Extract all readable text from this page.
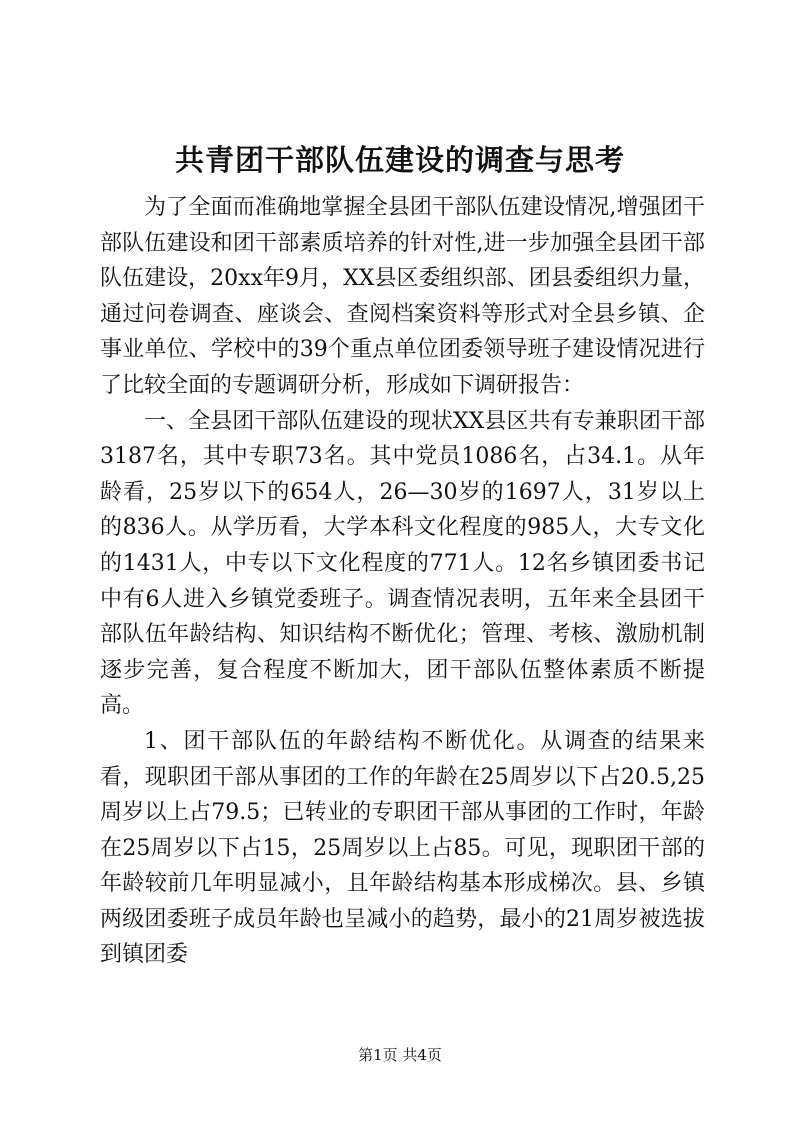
共青团干部队伍建设的调查与思考

为了全面而准确地掌握全县团干部队伍建设情况,增强团干部队伍建设和团干部素质培养的针对性,进一步加强全县团干部队伍建设，20xx年9月，XX县区委组织部、团县委组织力量，通过问卷调查、座谈会、查阅档案资料等形式对全县乡镇、企事业单位、学校中的39个重点单位团委领导班子建设情况进行了比较全面的专题调研分析，形成如下调研报告：

一、全县团干部队伍建设的现状XX县区共有专兼职团干部3187名，其中专职73名。其中党员1086名，占34.1。从年龄看，25岁以下的654人，26—30岁的1697人，31岁以上的836人。从学历看，大学本科文化程度的985人，大专文化的1431人，中专以下文化程度的771人。12名乡镇团委书记中有6人进入乡镇党委班子。调查情况表明，五年来全县团干部队伍年龄结构、知识结构不断优化；管理、考核、激励机制逐步完善，复合程度不断加大，团干部队伍整体素质不断提高。

1、团干部队伍的年龄结构不断优化。从调查的结果来看，现职团干部从事团的工作的年龄在25周岁以下占20.5,25周岁以上占79.5；已转业的专职团干部从事团的工作时，年龄在25周岁以下占15，25周岁以上占85。可见，现职团干部的年龄较前几年明显减小，且年龄结构基本形成梯次。县、乡镇两级团委班子成员年龄也呈减小的趋势，最小的21周岁被选拔到镇团委

第1页 共4页
